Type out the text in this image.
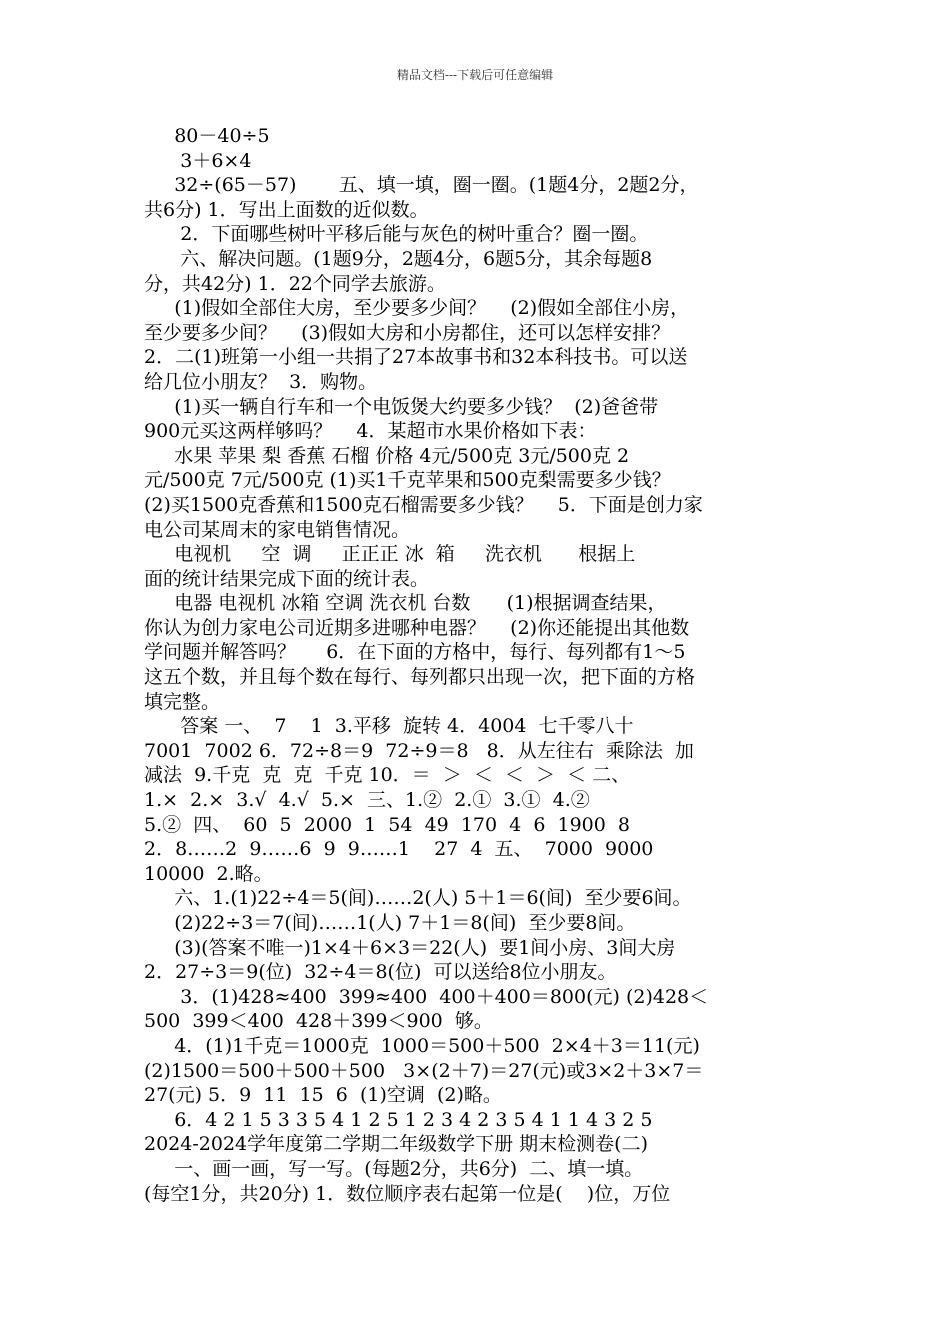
精品文档---下载后可任意编辑
80－40÷5
3＋6×4
32÷(65－57)       五、填一填，圈一圈。(1题4分，2题2分，
共6分) 1．写出上面数的近似数。
2．下面哪些树叶平移后能与灰色的树叶重合？圈一圈。
六、解决问题。(1题9分，2题4分，6题5分，其余每题8
分，共42分) 1．22个同学去旅游。
(1)假如全部住大房，至少要多少间？    (2)假如全部住小房，
至少要多少间？    (3)假如大房和小房都住，还可以怎样安排？
2．二(1)班第一小组一共捐了27本故事书和32本科技书。可以送
给几位小朋友？  3．购物。
(1)买一辆自行车和一个电饭煲大约要多少钱？  (2)爸爸带
900元买这两样够吗？    4．某超市水果价格如下表：
水果 苹果 梨 香蕉 石榴 价格 4元/500克 3元/500克 2
元/500克 7元/500克 (1)买1千克苹果和500克梨需要多少钱？
(2)买1500克香蕉和1500克石榴需要多少钱？    5．下面是创力家
电公司某周末的家电销售情况。
电视机     空  调     正正正 冰  箱     洗衣机      根据上
面的统计结果完成下面的统计表。
电器 电视机 冰箱 空调 洗衣机 台数      (1)根据调查结果，
你认为创力家电公司近期多进哪种电器？    (2)你还能提出其他数
学问题并解答吗？     6．在下面的方格中，每行、每列都有1～5
这五个数，并且每个数在每行、每列都只出现一次，把下面的方格
填完整。
答案 一、  7    1  3.平移  旋转 4．4004  七千零八十
7001  7002 6．72÷8＝9  72÷9＝8   8．从左往右  乘除法  加
减法  9.千克  克  克  千克 10．＝  ＞  ＜  ＜  ＞  ＜ 二、
1.×  2.×  3.√  4.√  5.×  三、1.②  2.①  3.①  4.②
5.②  四、  60  5  2000  1  54  49  170  4  6  1900  8
2．8……2  9……6  9  9……1    27  4  五、  7000  9000
10000  2.略。
六、1.(1)22÷4＝5(间)……2(人) 5＋1＝6(间)  至少要6间。
(2)22÷3＝7(间)……1(人) 7＋1＝8(间)  至少要8间。
(3)(答案不唯一)1×4＋6×3＝22(人)  要1间小房、3间大房
2．27÷3＝9(位)  32÷4＝8(位)  可以送给8位小朋友。
3．(1)428≈400  399≈400  400＋400＝800(元) (2)428＜
500  399＜400  428＋399＜900  够。
4．(1)1千克＝1000克  1000＝500＋500  2×4＋3＝11(元)
(2)1500＝500＋500＋500   3×(2＋7)＝27(元)或3×2＋3×7＝
27(元) 5．9  11  15  6  (1)空调  (2)略。
6．4 2 1 5 3 3 5 4 1 2 5 1 2 3 4 2 3 5 4 1 1 4 3 2 5
2024-2024学年度第二学期二年级数学下册 期末检测卷(二)
一、画一画，写一写。(每题2分，共6分)  二、填一填。
(每空1分，共20分) 1．数位顺序表右起第一位是(    )位，万位
